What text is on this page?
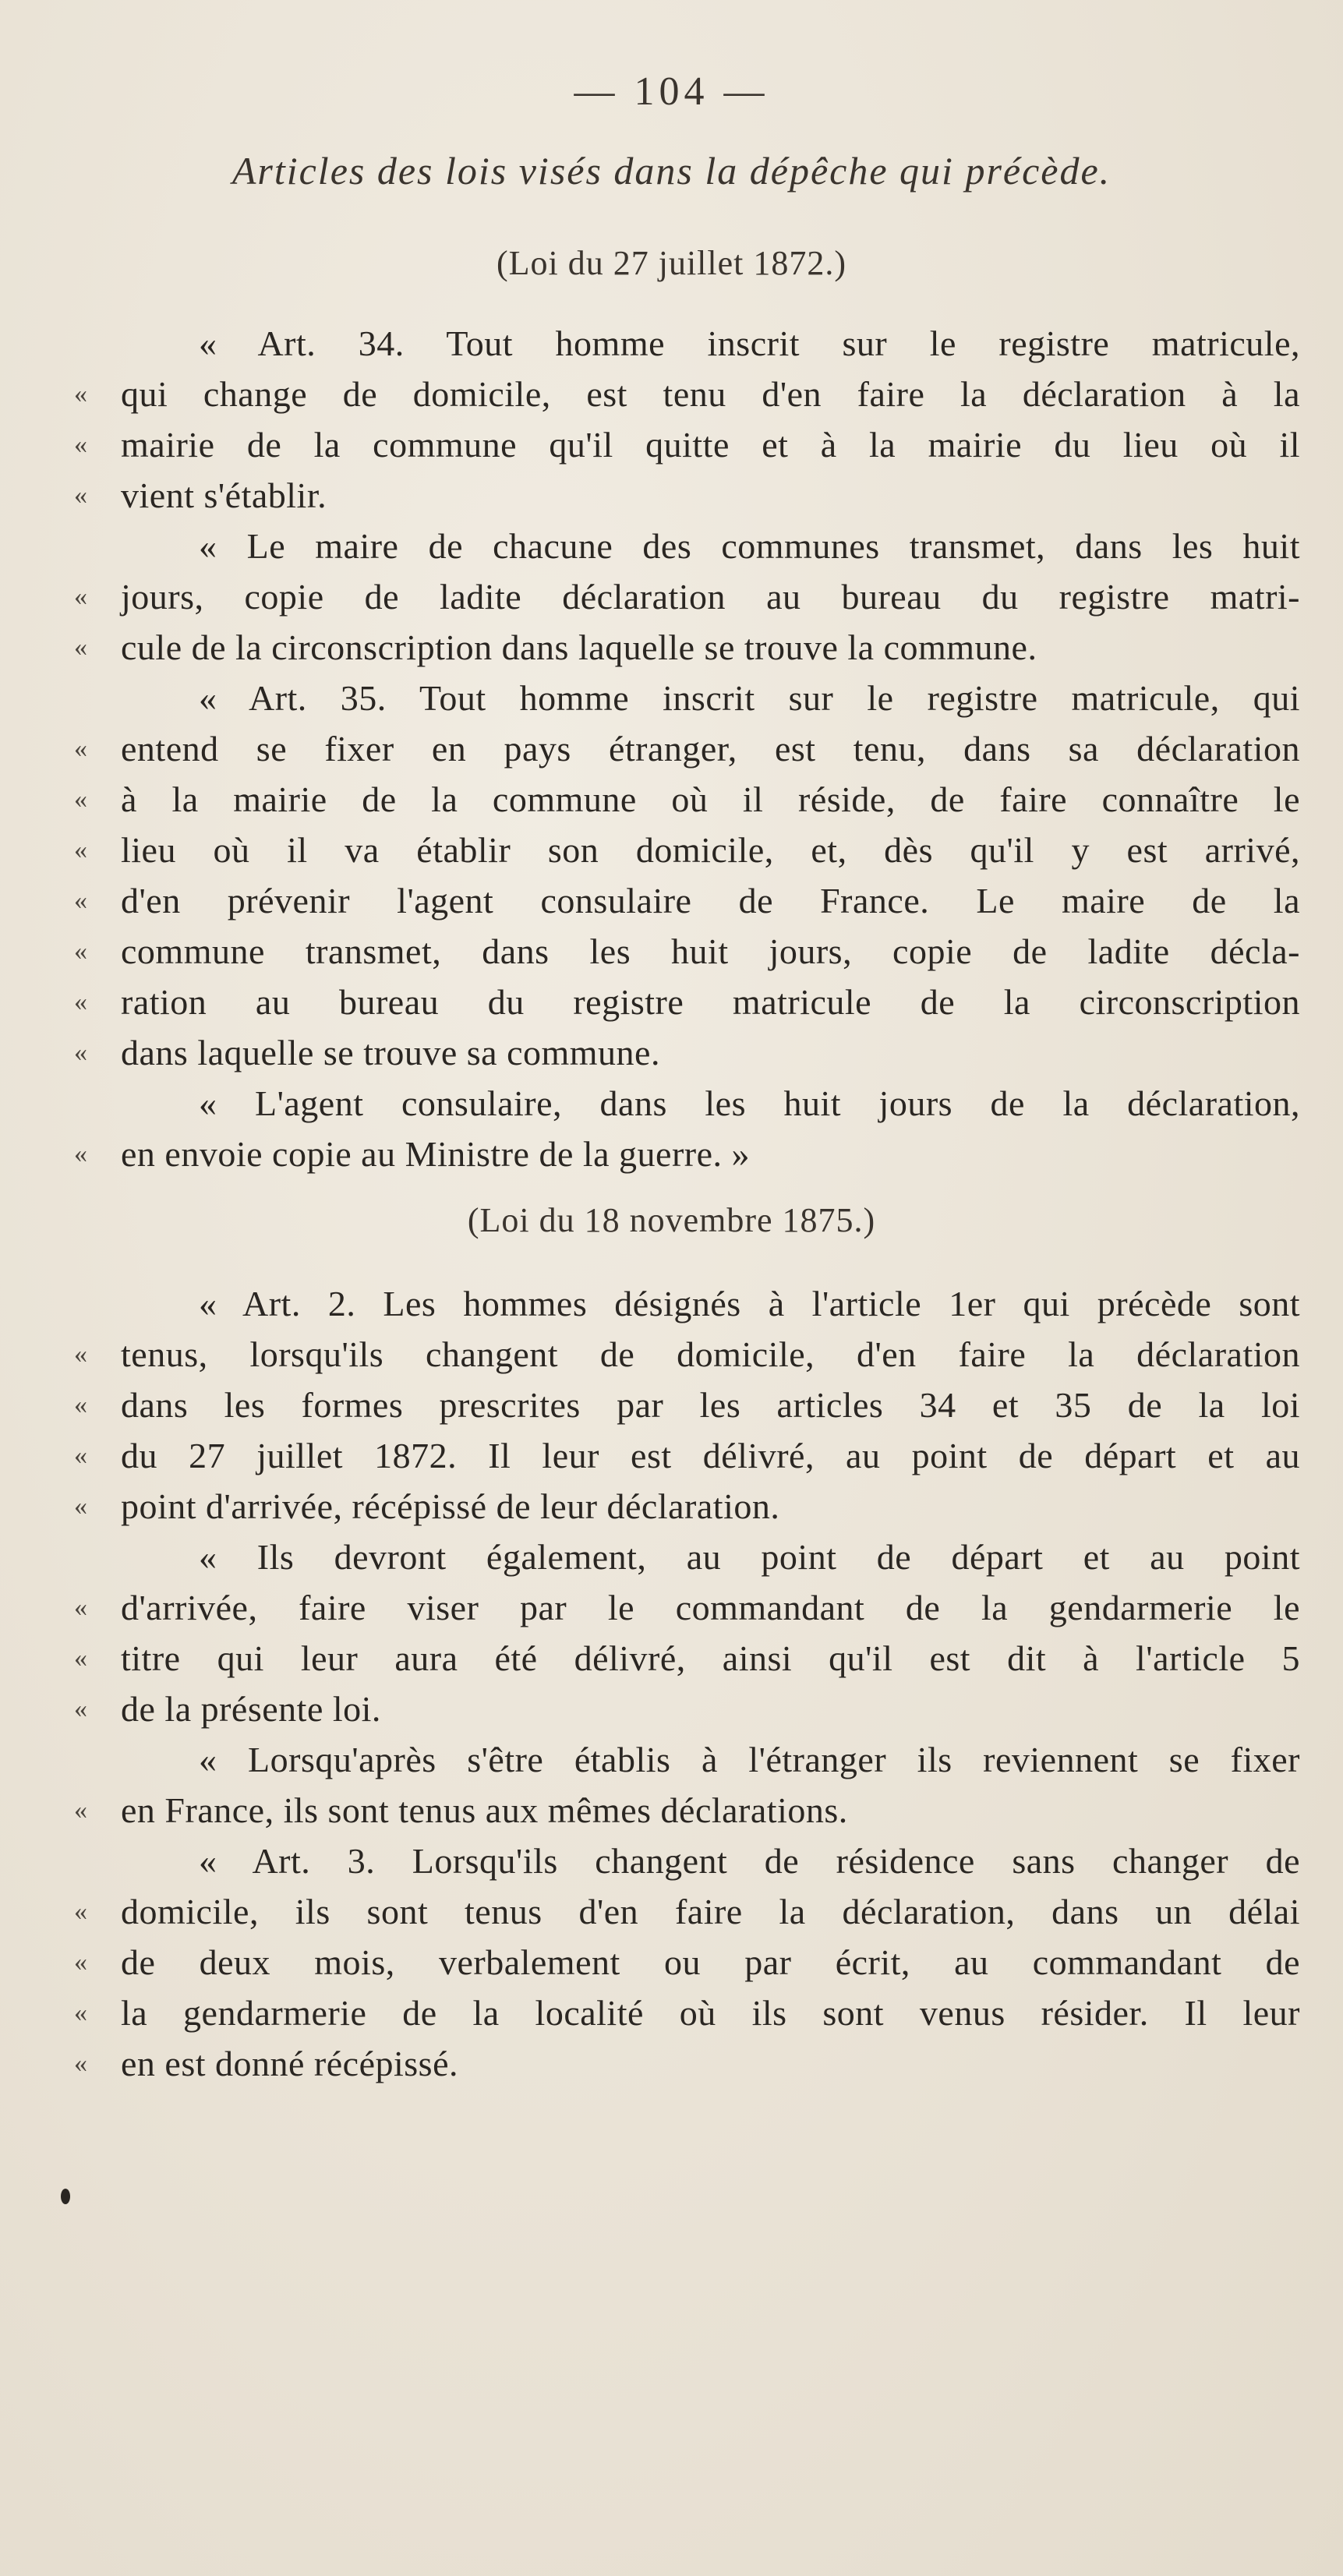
— 104 —
Articles des lois visés dans la dépêche qui précède.
(Loi du 27 juillet 1872.)
« Art. 34. Tout homme inscrit sur le registre matricule,
« qui change de domicile, est tenu d'en faire la déclaration à la
« mairie de la commune qu'il quitte et à la mairie du lieu où il
« vient s'établir.
« Le maire de chacune des communes transmet, dans les huit
« jours, copie de ladite déclaration au bureau du registre matri-
« cule de la circonscription dans laquelle se trouve la commune.
« Art. 35. Tout homme inscrit sur le registre matricule, qui
« entend se fixer en pays étranger, est tenu, dans sa déclaration
« à la mairie de la commune où il réside, de faire connaître le
« lieu où il va établir son domicile, et, dès qu'il y est arrivé,
« d'en prévenir l'agent consulaire de France. Le maire de la
« commune transmet, dans les huit jours, copie de ladite décla-
« ration au bureau du registre matricule de la circonscription
« dans laquelle se trouve sa commune.
« L'agent consulaire, dans les huit jours de la déclaration,
« en envoie copie au Ministre de la guerre. »
(Loi du 18 novembre 1875.)
« Art. 2. Les hommes désignés à l'article 1er qui précède sont
« tenus, lorsqu'ils changent de domicile, d'en faire la déclaration
« dans les formes prescrites par les articles 34 et 35 de la loi
« du 27 juillet 1872. Il leur est délivré, au point de départ et au
« point d'arrivée, récépissé de leur déclaration.
« Ils devront également, au point de départ et au point
« d'arrivée, faire viser par le commandant de la gendarmerie le
« titre qui leur aura été délivré, ainsi qu'il est dit à l'article 5
« de la présente loi.
« Lorsqu'après s'être établis à l'étranger ils reviennent se fixer
« en France, ils sont tenus aux mêmes déclarations.
« Art. 3. Lorsqu'ils changent de résidence sans changer de
« domicile, ils sont tenus d'en faire la déclaration, dans un délai
« de deux mois, verbalement ou par écrit, au commandant de
« la gendarmerie de la localité où ils sont venus résider. Il leur
« en est donné récépissé.
